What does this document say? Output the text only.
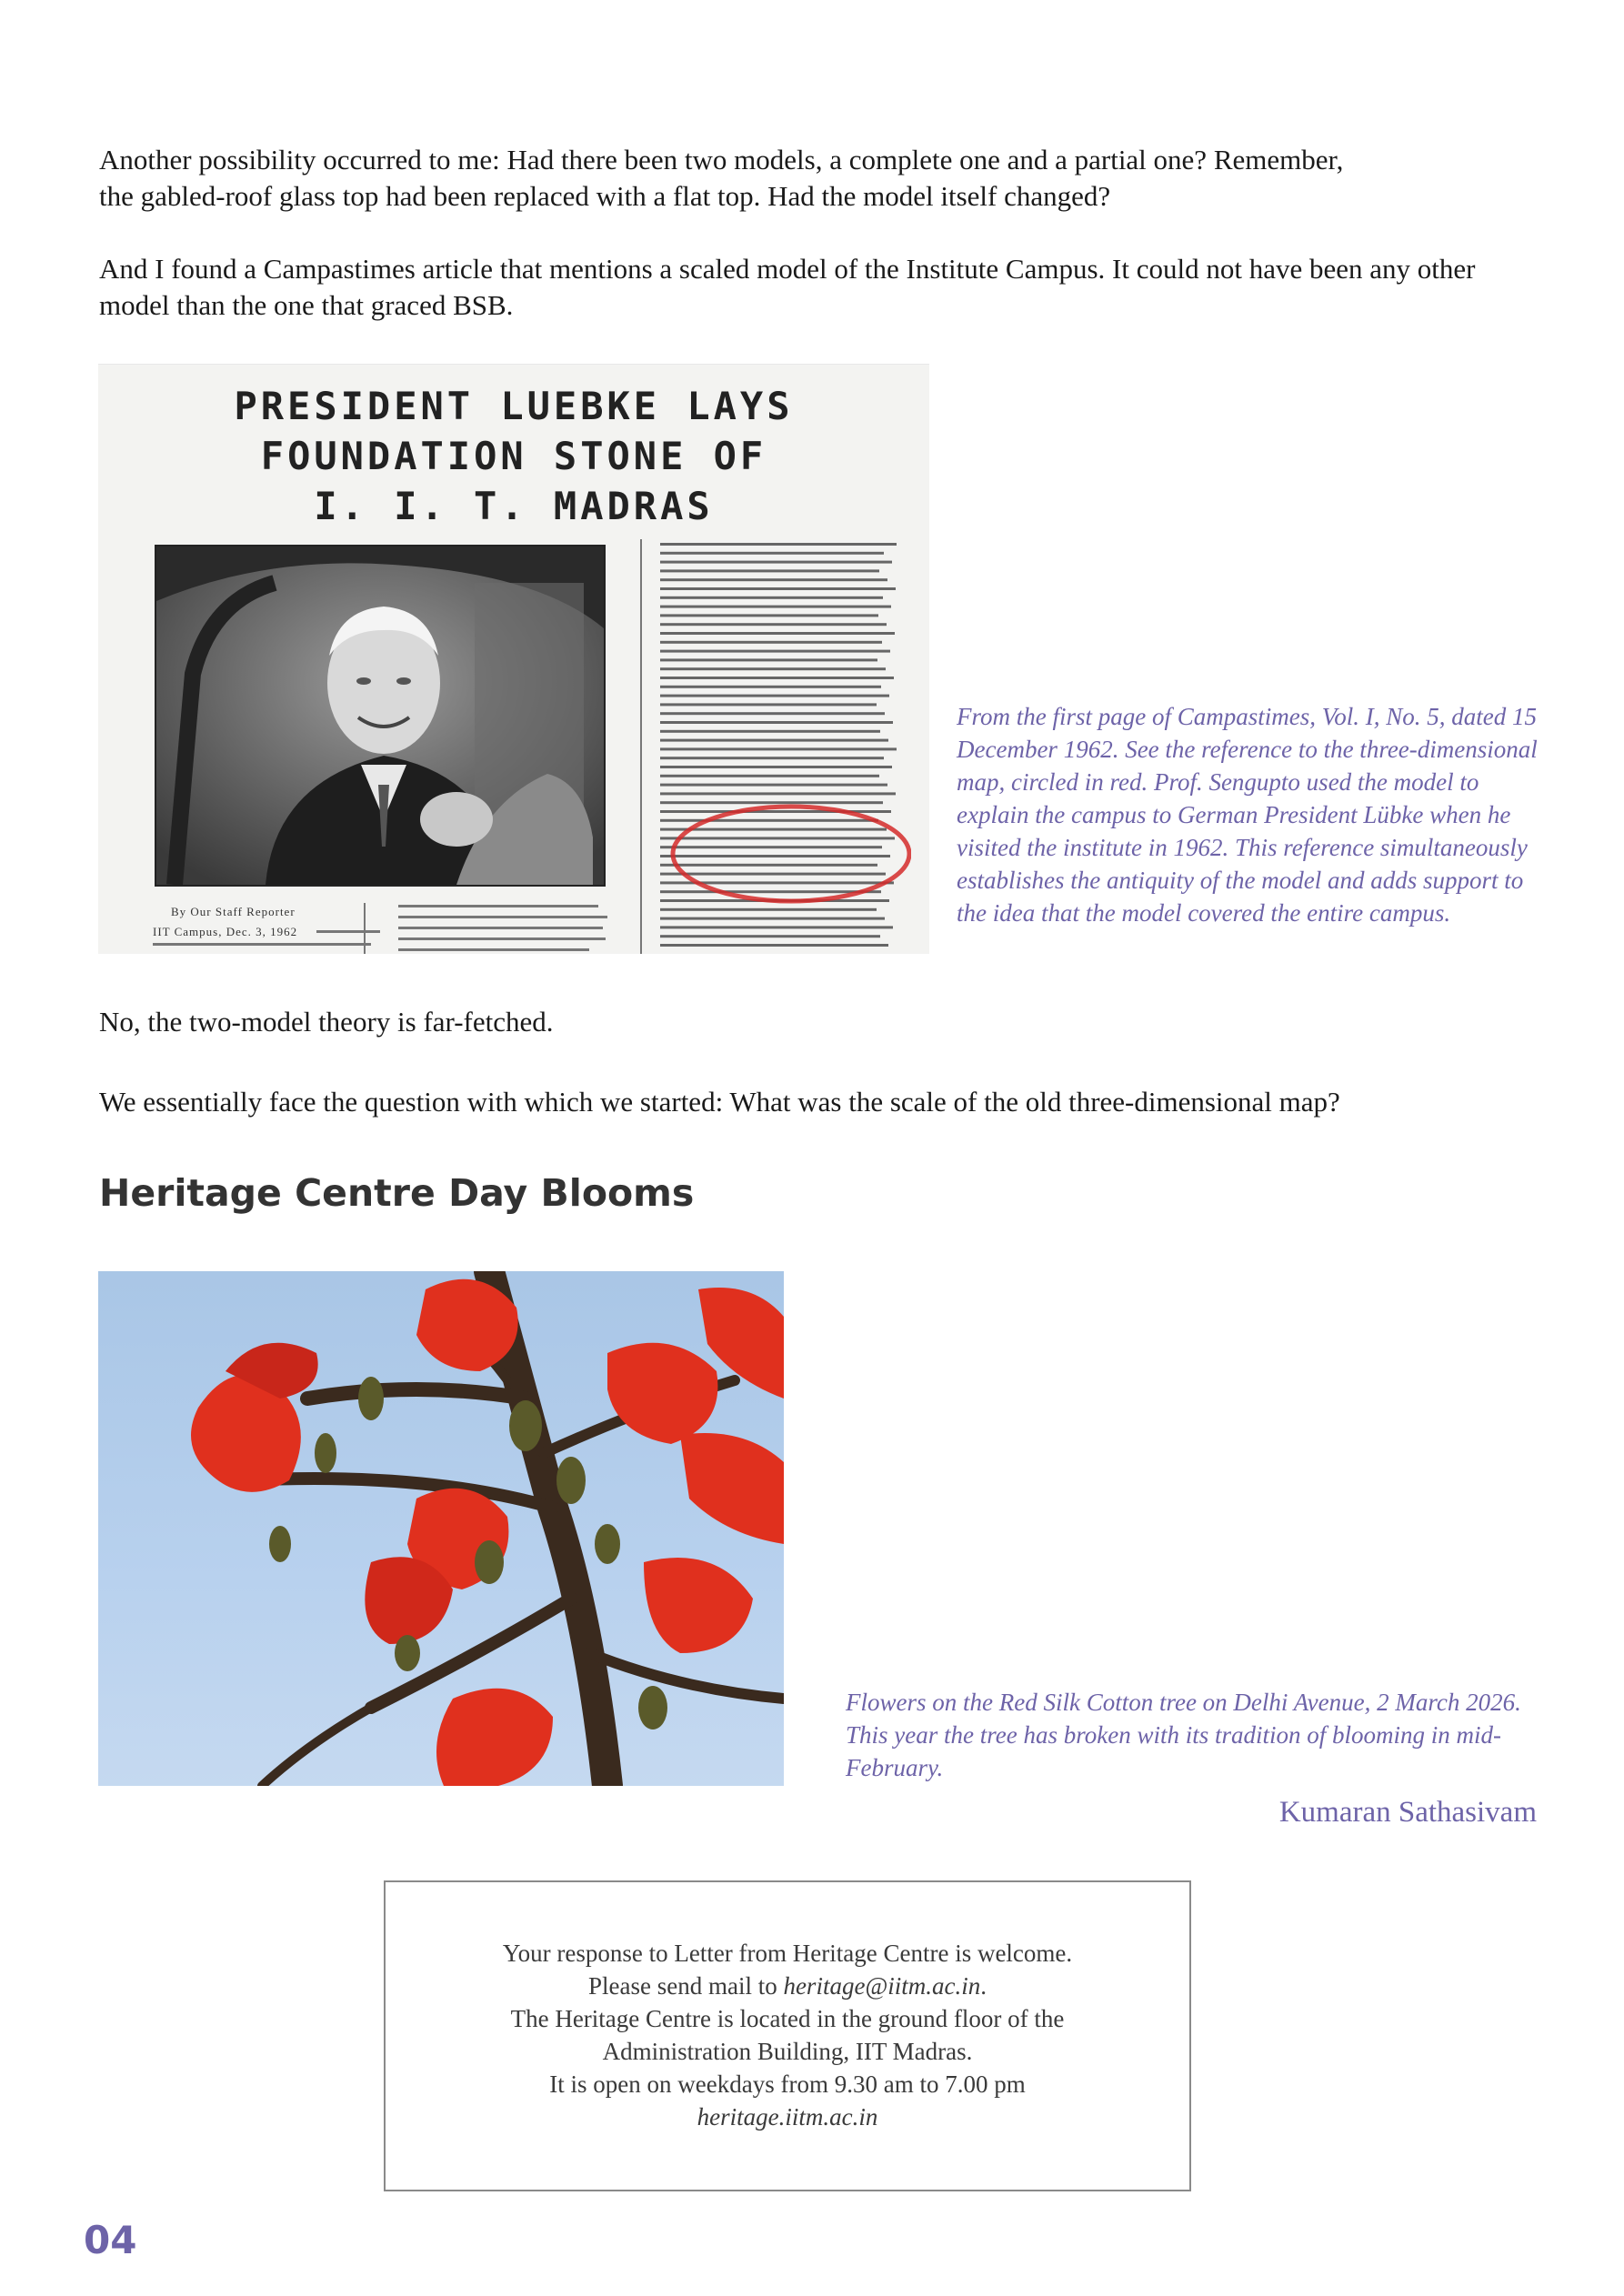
Another possibility occurred to me: Had there been two models, a complete one and a partial one? Remember,
the gabled-roof glass top had been replaced with a flat top. Had the model itself changed?

And I found a Campastimes article that mentions a scaled model of the Institute Campus. It could not have been any other model than the one that graced BSB.

PRESIDENT LUEBKE LAYS
FOUNDATION STONE OF
I. I. T. MADRAS
By Our Staff Reporter
IIT Campus, Dec. 3, 1962

From the first page of Campastimes, Vol. I, No. 5, dated 15 December 1962. See the reference to the three-dimensional map, circled in red. Prof. Sengupto used the model to explain the campus to German President Lübke when he visited the institute in 1962. This reference simultaneously establishes the antiquity of the model and adds support to the idea that the model covered the entire campus.

No, the two-model theory is far-fetched.

We essentially face the question with which we started: What was the scale of the old three-dimensional map?

Heritage Centre Day Blooms

Flowers on the Red Silk Cotton tree on Delhi Avenue, 2 March 2026. This year the tree has broken with its tradition of blooming in mid-February.

Kumaran Sathasivam

Your response to Letter from Heritage Centre is welcome.
Please send mail to heritage@iitm.ac.in.
The Heritage Centre is located in the ground floor of the
Administration Building, IIT Madras.
It is open on weekdays from 9.30 am to 7.00 pm
heritage.iitm.ac.in

04
